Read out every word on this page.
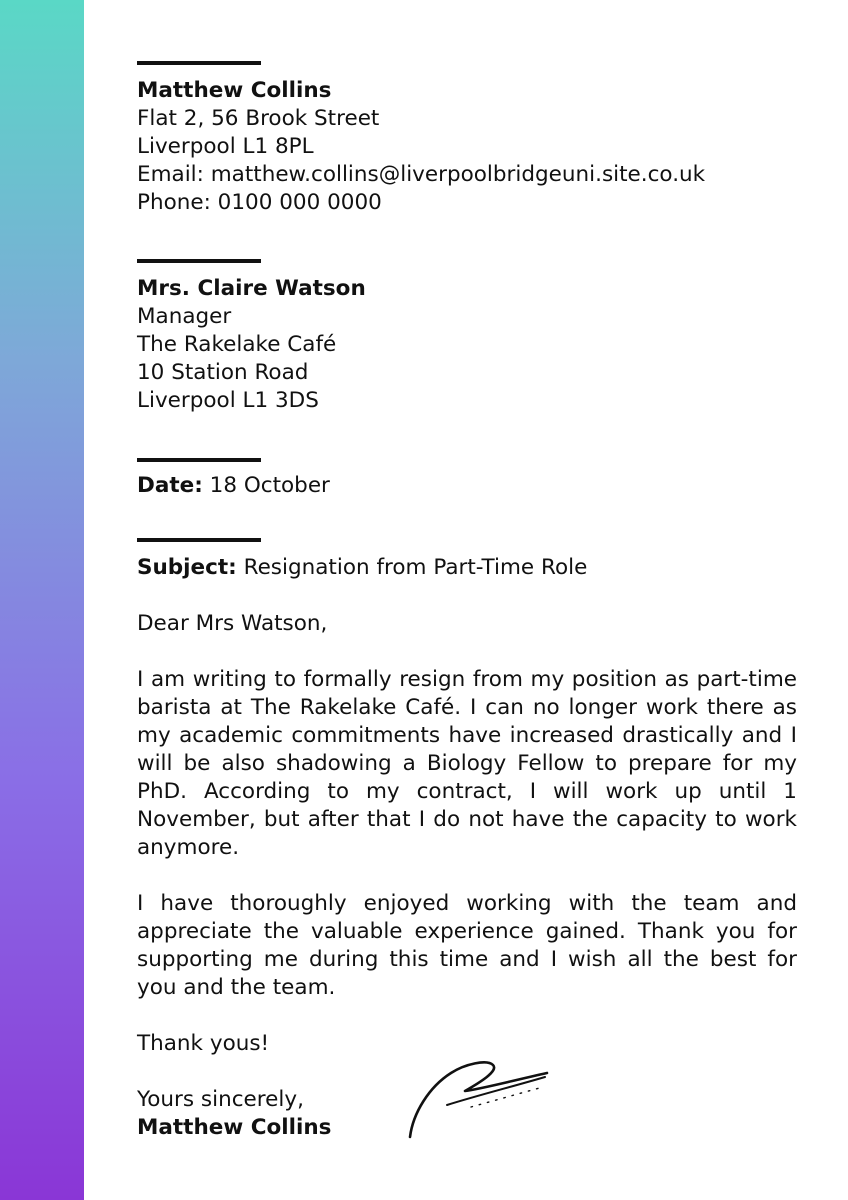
Matthew Collins

Flat 2, 56 Brook Street

Liverpool L1 8PL

Email: matthew.collins@liverpoolbridgeuni.site.co.uk

Phone: 0100 000 0000

Mrs. Claire Watson

Manager

The Rakelake Café

10 Station Road

Liverpool L1 3DS

Date: 18 October

Subject: Resignation from Part-Time Role

Dear Mrs Watson,

I am writing to formally resign from my position as part-time barista at The Rakelake Café. I can no longer work there as my academic commitments have increased drastically and I will be also shadowing a Biology Fellow to prepare for my PhD. According to my contract, I will work up until 1 November, but after that I do not have the capacity to work anymore.

I have thoroughly enjoyed working with the team and appreciate the valuable experience gained. Thank you for supporting me during this time and I wish all the best for you and the team.

Thank yous!

Yours sincerely,

Matthew Collins
